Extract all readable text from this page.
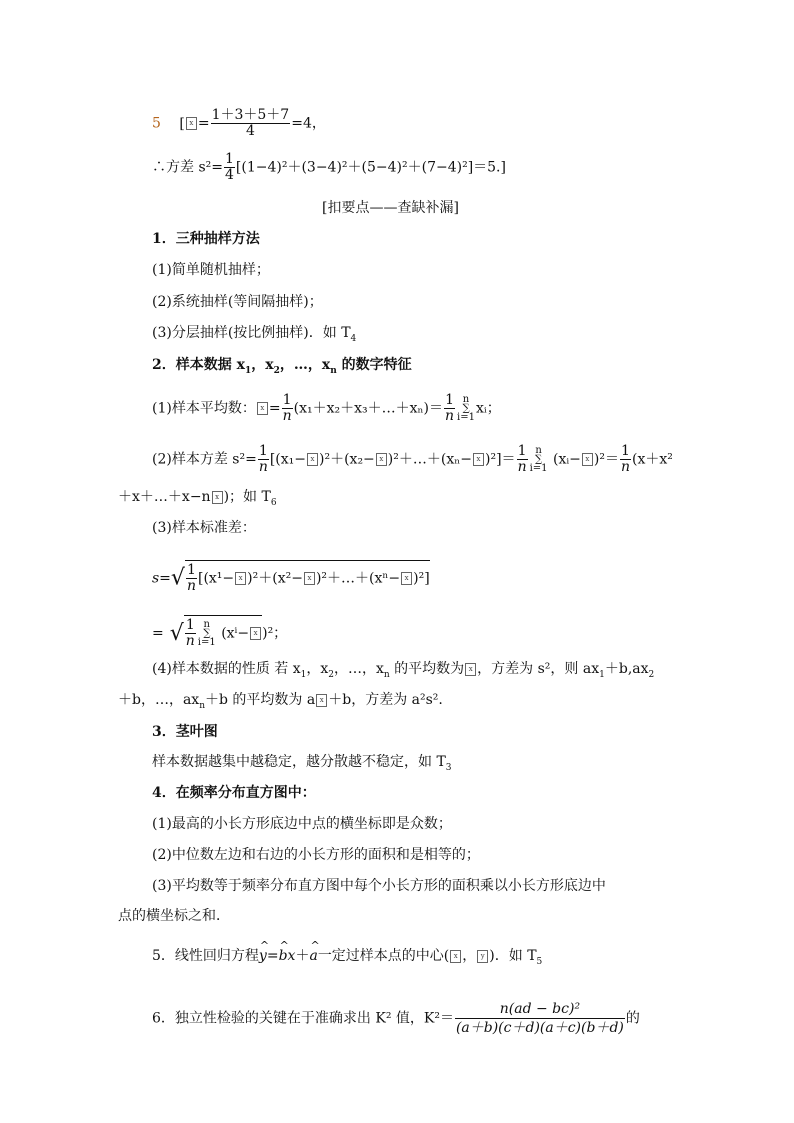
5 [ $x = \frac{1+3+5+7}{4} =4$，
∴方差 $s^2= \frac{1}{4} [(1-4)^2+(3-4)^2+(5-4)^2+(7-4)^2]=5$.]
[扣要点——查缺补漏]
1．三种抽样方法
(1)简单随机抽样；
(2)系统抽样(等间隔抽样)；
(3)分层抽样(按比例抽样)．如 $T_4$
2．样本数据 $x_1$，$x_2$，…，$x_n$ 的数字特征
(1)样本平均数： $x = \frac{1}{n}$ (x₁＋x₂＋x₃＋…＋xₙ)＝ $\frac{1}{n}$ n
∑
i=1
xᵢ；
(2)样本方差 $s^2= \frac{1}{n} [(x_1- x$ )²＋(x₂− x )²＋…＋(xₙ− x )$^2]= \frac{1}{n}$ n
∑
i=1
(xᵢ− x )$^2= \frac{1}{n} (x+x^2$
＋x＋…＋x−n x )；如 $T_6$
(3)样本标准差：
$s=√ \frac{1}{n} [(x^1- x$ )²＋(x²− x )²＋…＋(xⁿ− x )²]
= √ $\frac{1}{n}$ n
∑
i=1
(xⁱ− x )²；
(4)样本数据的性质 若 $x_1$，$x_2$，…，$x_n$ 的平均数为 x ，方差为 s²，则 $ax_1+b,ax_2$
＋b，…，$ax_n+b$ 的平均数为 a x ＋b，方差为 a²s².
3．茎叶图
样本数据越集中越稳定，越分散越不稳定，如 $T_3$
4．在频率分布直方图中：
(1)最高的小长方形底边中点的横坐标即是众数；
(2)中位数左边和右边的小长方形的面积和是相等的；
(3)平均数等于频率分布直方图中每个小长方形的面积乘以小长方形底边中
点的横坐标之和．
5．线性回归方程^ y=^ bx＋^ a一定过样本点的中心( x ， y )．如 $T_5$
6．独立性检验的关键在于准确求出 K² 值，$K^2= \frac{\text{n(ad − bc)²}}{(a+b)(c+d)(a+c)(b+d)}$ 的
